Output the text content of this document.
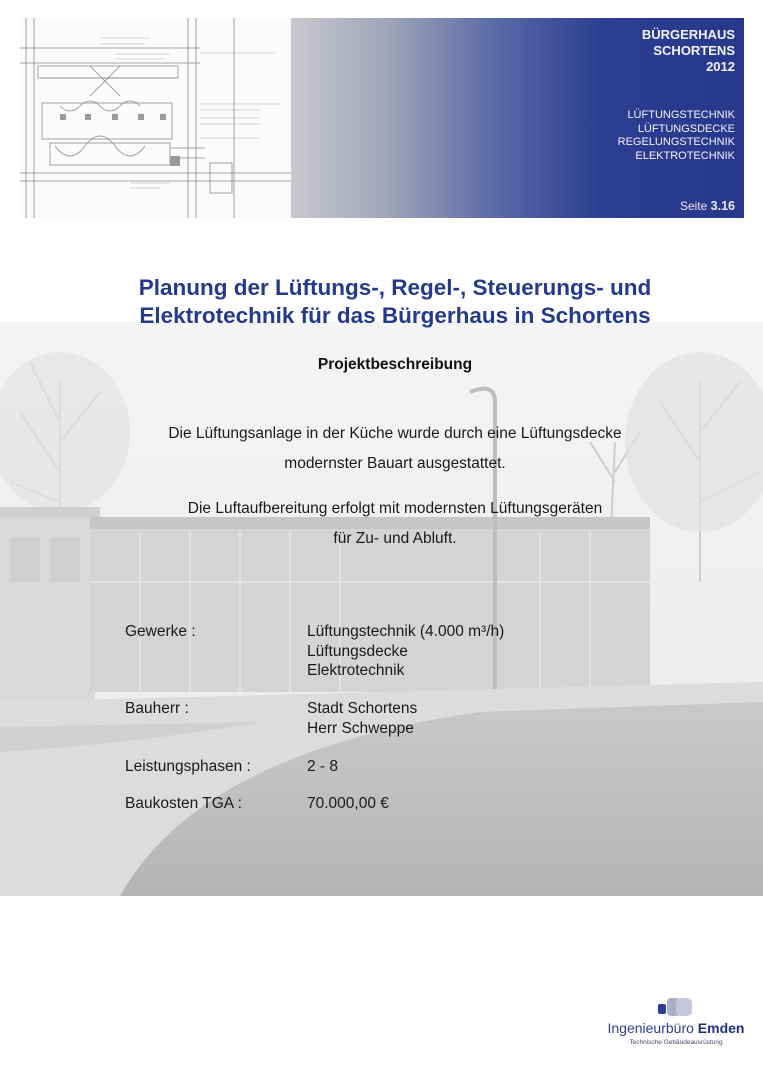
BÜRGERHAUS
SCHORTENS
2012
LÜFTUNGSTECHNIK
LÜFTUNGSDECKE
REGELUNGSTECHNIK
ELEKTROTECHNIK
Seite 3.16
Planung der Lüftungs-, Regel-, Steuerungs- und
Elektrotechnik für das Bürgerhaus in Schortens
Projektbeschreibung
Die Lüftungsanlage in der Küche wurde durch eine Lüftungsdecke
modernster Bauart ausgestattet.
Die Luftaufbereitung erfolgt mit modernsten Lüftungsgeräten
für Zu- und Abluft.
Gewerke :	Lüftungstechnik (4.000 m³/h)
Lüftungsdecke
Elektrotechnik
Bauherr :	Stadt Schortens
Herr Schweppe
Leistungsphasen :	2 - 8
Baukosten TGA :	70.000,00 €
Ingenieurbüro Emden
Technische Gebäudeausrüstung
